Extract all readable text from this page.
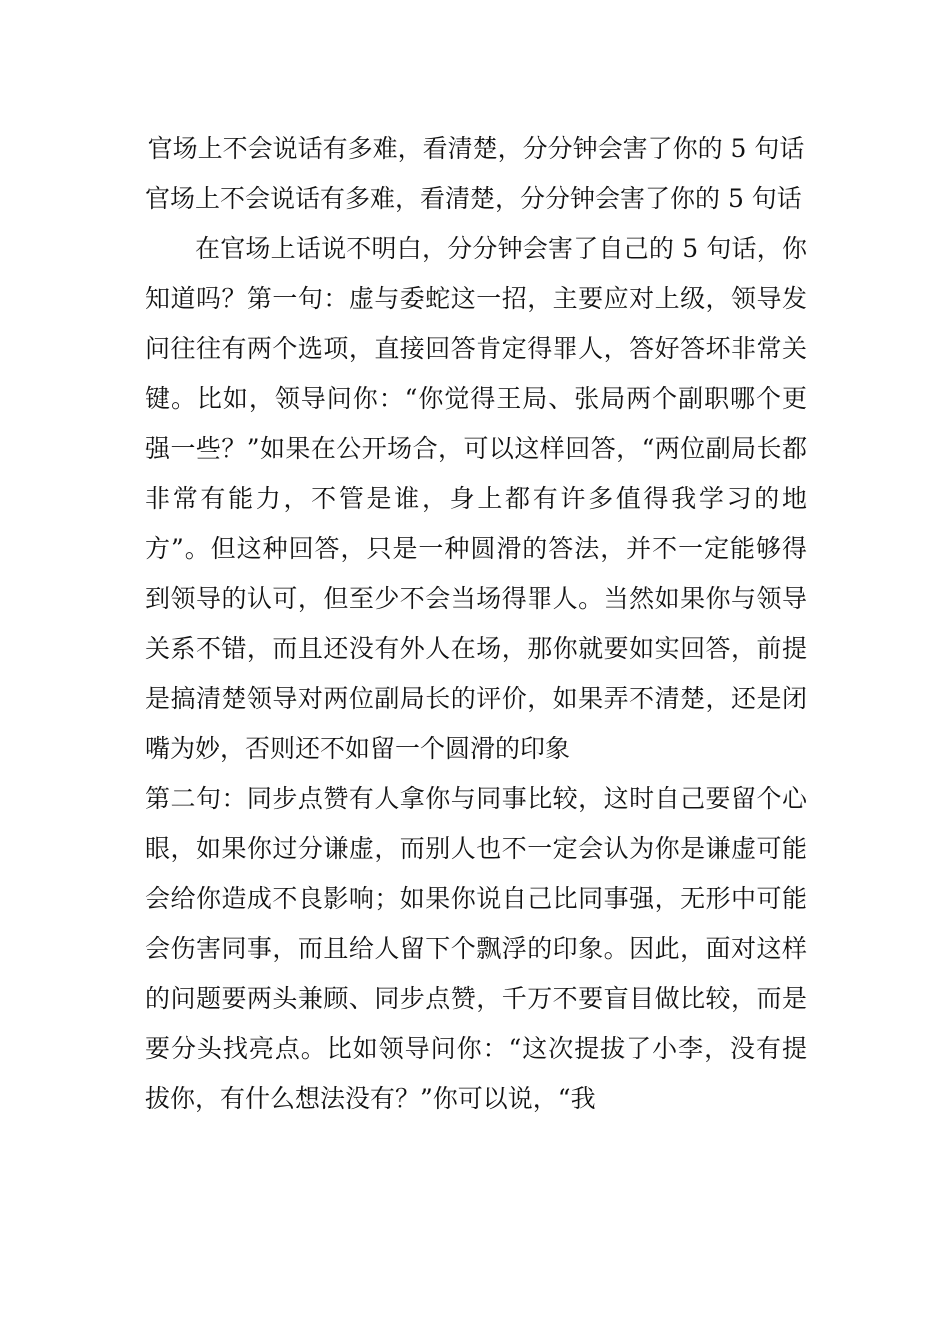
官场上不会说话有多难，看清楚，分分钟会害了你的 5 句话
官场上不会说话有多难，看清楚，分分钟会害了你的 5 句话

在官场上话说不明白，分分钟会害了自己的 5 句话，你知道吗？第一句：虚与委蛇这一招，主要应对上级，领导发问往往有两个选项，直接回答肯定得罪人，答好答坏非常关键。比如，领导问你：“你觉得王局、张局两个副职哪个更强一些？”如果在公开场合，可以这样回答，“两位副局长都非常有能力，不管是谁，身上都有许多值得我学习的地方”。但这种回答，只是一种圆滑的答法，并不一定能够得到领导的认可，但至少不会当场得罪人。当然如果你与领导关系不错，而且还没有外人在场，那你就要如实回答，前提是搞清楚领导对两位副局长的评价，如果弄不清楚，还是闭嘴为妙，否则还不如留一个圆滑的印象

第二句：同步点赞有人拿你与同事比较，这时自己要留个心眼，如果你过分谦虚，而别人也不一定会认为你是谦虚可能会给你造成不良影响；如果你说自己比同事强，无形中可能会伤害同事，而且给人留下个飘浮的印象。因此，面对这样的问题要两头兼顾、同步点赞，千万不要盲目做比较，而是要分头找亮点。比如领导问你：“这次提拔了小李，没有提拔你，有什么想法没有？”你可以说，“我
